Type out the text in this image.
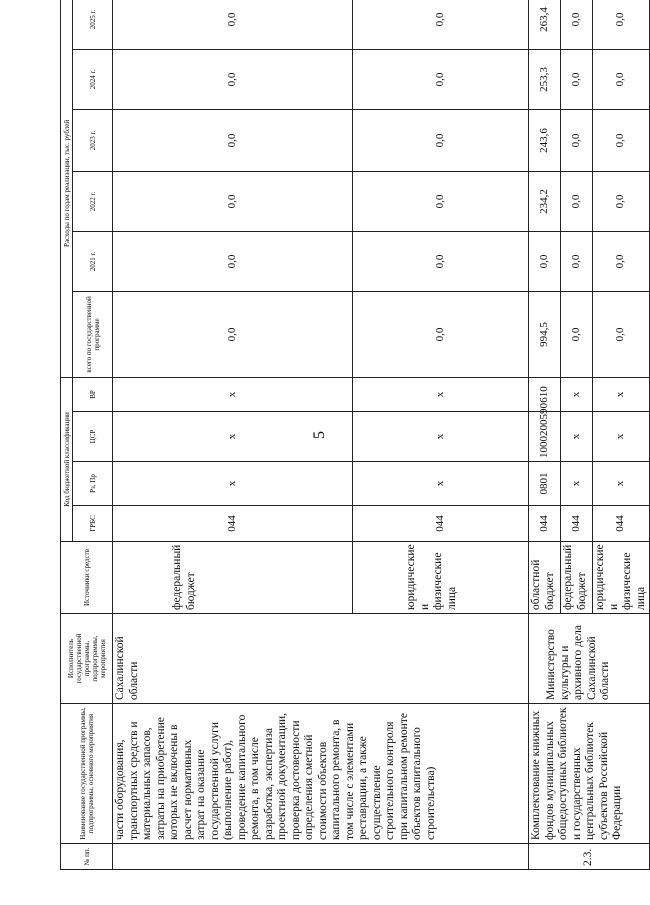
5
№ пп.	Наименование государственной программы, подпрограммы, основного мероприятия	Исполнитель государственной программы, подпрограммы, мероприятия	Источники средств	Код бюджетной классификации				Расходы по годам реализации, тыс. рублей					
				ГРБС	Рз, Пр	ЦСР	ВР	всего по государственной программе	2021 г.	2022 г.	2023 г.	2024 г.	2025 г.
	части оборудования, транспортных средств и материальных запасов, затраты на приобретение которых не включены в расчет нормативных затрат на оказание государственной услуги (выполнение работ), проведение капитального ремонта, в том числе разработка, экспертиза проектной документации, проверка достоверности определения сметной стоимости объектов капитального ремонта, в том числе с элементами реставрации, а также осуществление строительного контроля при капитальном ремонте объектов капитального строительства)	Сахалинской области	федеральный бюджет	044	х	х	х	0,0	0,0	0,0	0,0	0,0	0,0
			юридические и физические лица	044	х	х	х	0,0	0,0	0,0	0,0	0,0	0,0
2.3.	Комплектование книжных фондов муниципальных общедоступных библиотек и государственных центральных библиотек субъектов Российской Федерации	Министерство культуры и архивного дела Сахалинской области	областной бюджет	044	0801	1000200590	610	994,5	0,0	234,2	243,6	253,3	263,4
			федеральный бюджет	044	х	х	х	0,0	0,0	0,0	0,0	0,0	0,0
			юридические и физические лица	044	х	х	х	0,0	0,0	0,0	0,0	0,0	0,0
